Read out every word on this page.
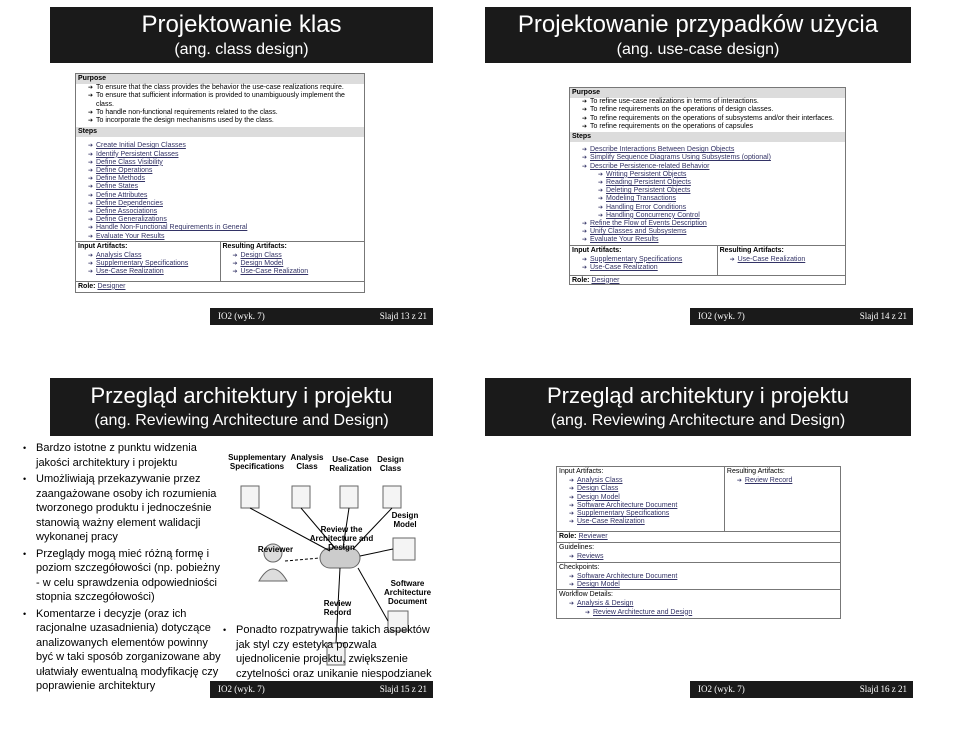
Projektowanie klas
(ang. class design)
Purpose
➔ To ensure that the class provides the behavior the use-case realizations require.
➔ To ensure that sufficient information is provided to unambiguously implement the
class.
➔ To handle non-functional requirements related to the class.
➔ To incorporate the design mechanisms used by the class.
Steps
➔ Create Initial Design Classes
➔ Identify Persistent Classes
➔ Define Class Visibility
➔ Define Operations
➔ Define Methods
➔ Define States
➔ Define Attributes
➔ Define Dependencies
➔ Define Associations
➔ Define Generalizations
➔ Handle Non-Functional Requirements in General
➔ Evaluate Your Results
Input Artifacts:
➔ Analysis Class
➔ Supplementary Specifications
➔ Use-Case Realization
Resulting Artifacts:
➔ Design Class
➔ Design Model
➔ Use-Case Realization
Role: Designer
IO2 (wyk. 7)	Slajd 13 z 21
Projektowanie przypadków użycia
(ang. use-case design)
Purpose
➔ To refine use-case realizations in terms of interactions.
➔ To refine requirements on the operations of design classes.
➔ To refine requirements on the operations of subsystems and/or their interfaces.
➔ To refine requirements on the operations of capsules
Steps
➔ Describe Interactions Between Design Objects
➔ Simplify Sequence Diagrams Using Subsystems (optional)
➔ Describe Persistence-related Behavior
➔ Writing Persistent Objects
➔ Reading Persistent Objects
➔ Deleting Persistent Objects
➔ Modeling Transactions
➔ Handling Error Conditions
➔ Handling Concurrency Control
➔ Refine the Flow of Events Description
➔ Unify Classes and Subsystems
➔ Evaluate Your Results
Input Artifacts:
➔ Supplementary Specifications
➔ Use-Case Realization
Resulting Artifacts:
➔ Use-Case Realization
Role: Designer
IO2 (wyk. 7)	Slajd 14 z 21
Przegląd architektury i projektu
(ang. Reviewing Architecture and Design)
• Bardzo istotne z punktu widzenia jakości architektury i projektu
• Umożliwiają przekazywanie przez zaangażowane osoby ich rozumienia tworzonego produktu i jednocześnie stanowią ważny element walidacji wykonanej pracy
• Przeglądy mogą mieć różną formę i poziom szczegółowości (np. pobieżny - w celu sprawdzenia odpowiedniości stopnia szczegółowości)
• Komentarze i decyzje (oraz ich racjonalne uzasadnienia) dotyczące analizowanych elementów powinny być w taki sposób zorganizowane aby ułatwiały ewentualną modyfikację czy poprawienie architektury
Supplementary Specifications
Analysis Class
Use-Case Realization
Design Class
Design Model
Reviewer
Review the Architecture and Design
Software Architecture Document
Review Record
• Ponadto rozpatrywanie takich aspektów jak styl czy estetyka pozwala ujednolicenie projektu, zwiększenie czytelności oraz unikanie niespodzianek
IO2 (wyk. 7)	Slajd 15 z 21
Przegląd architektury i projektu
(ang. Reviewing Architecture and Design)
Input Artifacts:
➔ Analysis Class
➔ Design Class
➔ Design Model
➔ Software Architecture Document
➔ Supplementary Specifications
➔ Use-Case Realization
Resulting Artifacts:
➔ Review Record
Role: Reviewer
Guidelines:
➔ Reviews
Checkpoints:
➔ Software Architecture Document
➔ Design Model
Workflow Details:
➔ Analysis & Design
➔ Review Architecture and Design
IO2 (wyk. 7)	Slajd 16 z 21
